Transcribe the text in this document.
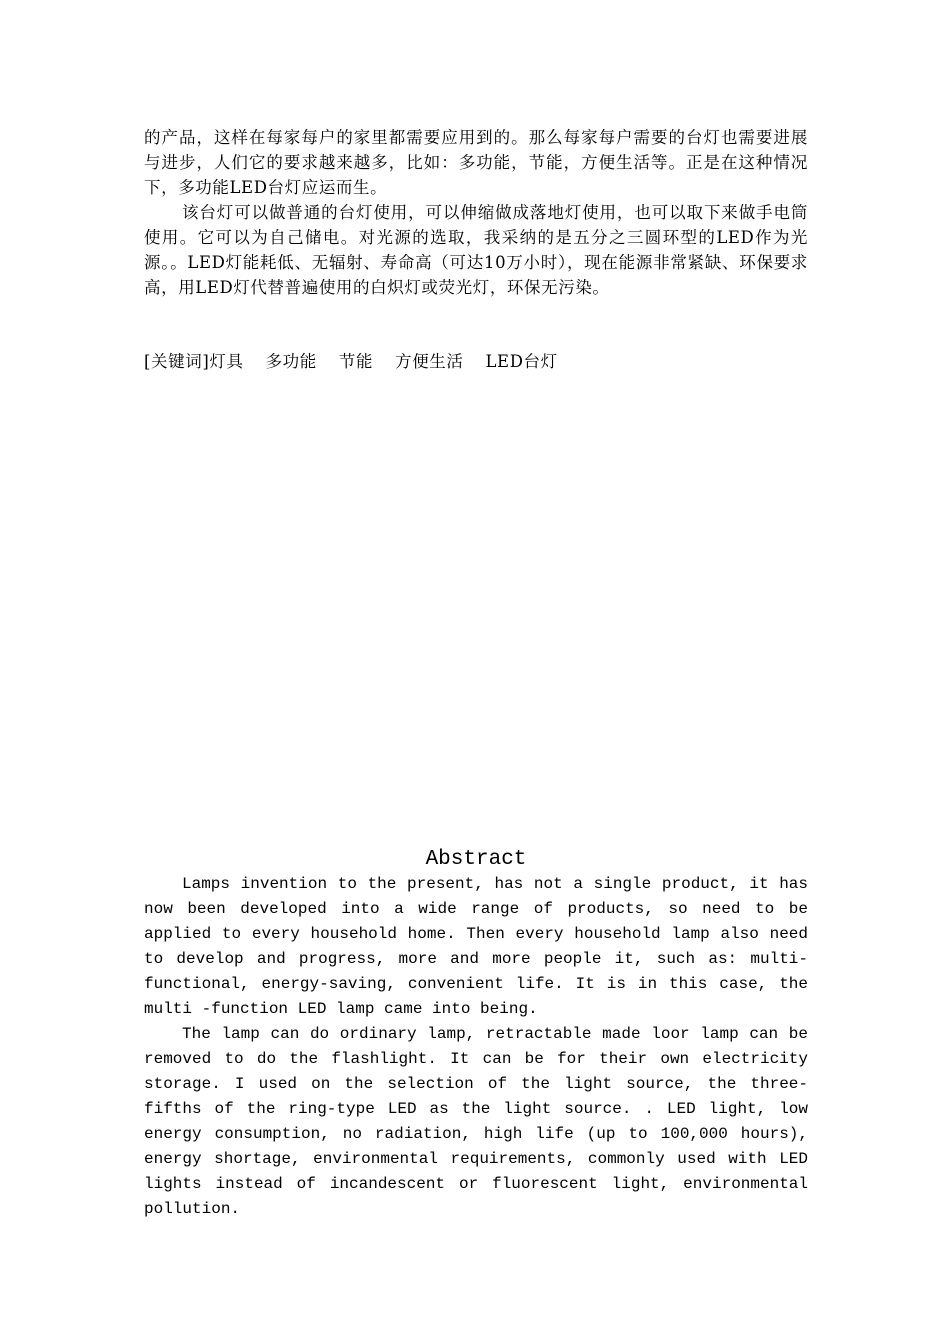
的产品，这样在每家每户的家里都需要应用到的。那么每家每户需要的台灯也需要进展与进步，人们它的要求越来越多，比如：多功能，节能，方便生活等。正是在这种情况下，多功能LED台灯应运而生。

该台灯可以做普通的台灯使用，可以伸缩做成落地灯使用，也可以取下来做手电筒使用。它可以为自己储电。对光源的选取，我采纳的是五分之三圆环型的LED作为光源。。LED灯能耗低、无辐射、寿命高（可达10万小时），现在能源非常紧缺、环保要求高，用LED灯代替普遍使用的白炽灯或荧光灯，环保无污染。

[关键词]灯具 多功能 节能 方便生活 LED台灯
Abstract

Lamps invention to the present, has not a single product, it has now been developed into a wide range of products, so need to be applied to every household home. Then every household lamp also need to develop and progress, more and more people it, such as: multi-functional, energy-saving, convenient life. It is in this case, the multi -function LED lamp came into being.

The lamp can do ordinary lamp, retractable made loor lamp can be removed to do the flashlight. It can be for their own electricity storage. I used on the selection of the light source, the three-fifths of the ring-type LED as the light source. . LED light, low energy consumption, no radiation, high life (up to 100,000 hours), energy shortage, environmental requirements, commonly used with LED lights instead of incandescent or fluorescent light, environmental pollution.
